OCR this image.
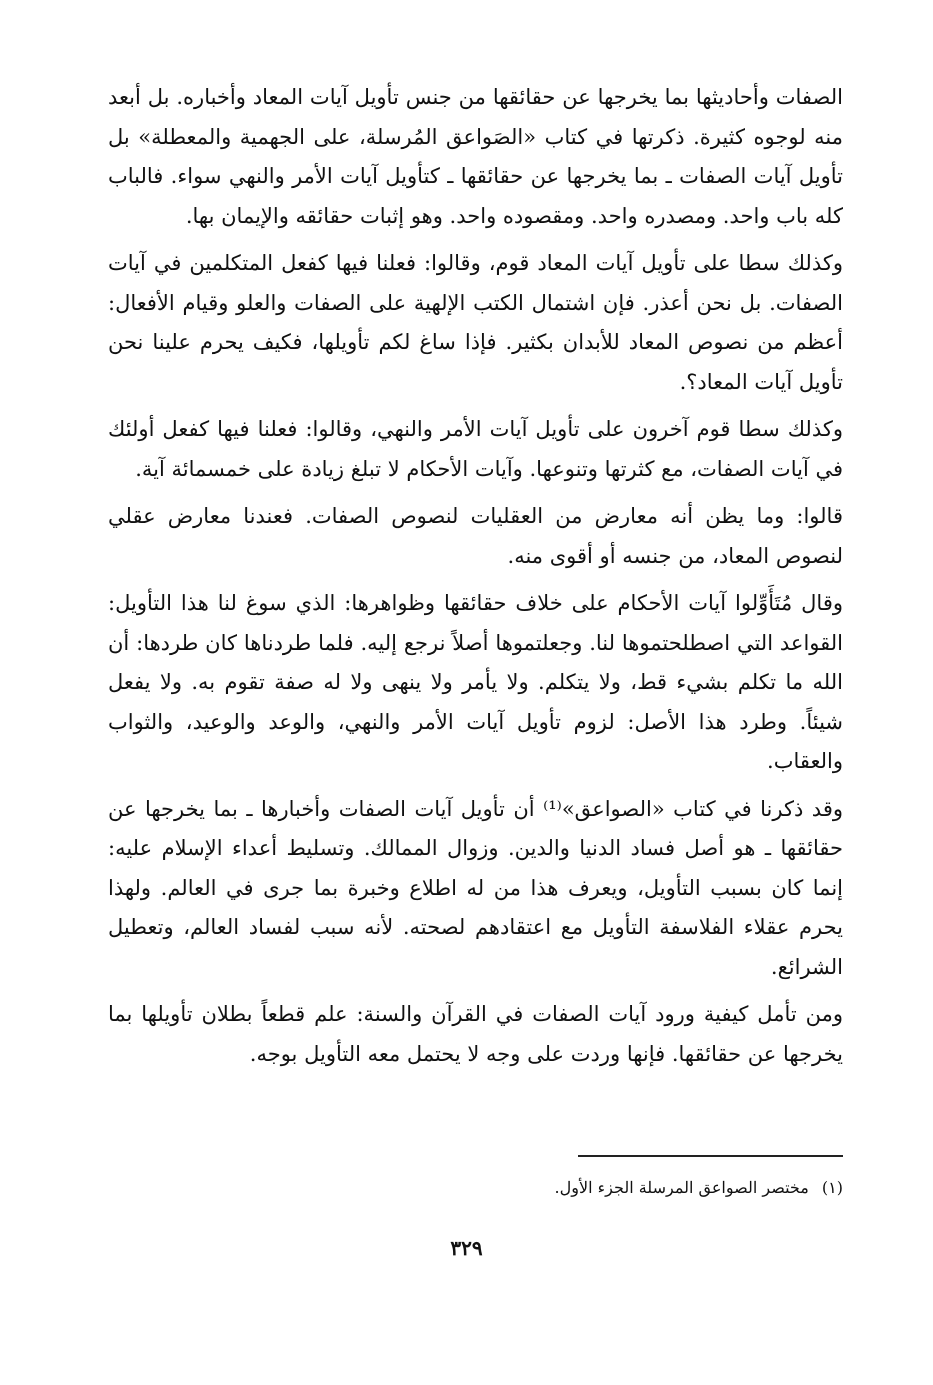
الصفات وأحاديثها بما يخرجها عن حقائقها من جنس تأويل آيات المعاد وأخباره. بل أبعد منه لوجوه كثيرة. ذكرتها في كتاب «الصَواعق المُرسلة، على الجهمية والمعطلة» بل تأويل آيات الصفات ـ بما يخرجها عن حقائقها ـ كتأويل آيات الأمر والنهي سواء. فالباب كله باب واحد. ومصدره واحد. ومقصوده واحد. وهو إثبات حقائقه والإيمان بها.

وكذلك سطا على تأويل آيات المعاد قوم، وقالوا: فعلنا فيها كفعل المتكلمين في آيات الصفات. بل نحن أعذر. فإن اشتمال الكتب الإلهية على الصفات والعلو وقيام الأفعال: أعظم من نصوص المعاد للأبدان بكثير. فإذا ساغ لكم تأويلها، فكيف يحرم علينا نحن تأويل آيات المعاد؟.

وكذلك سطا قوم آخرون على تأويل آيات الأمر والنهي، وقالوا: فعلنا فيها كفعل أولئك في آيات الصفات، مع كثرتها وتنوعها. وآيات الأحكام لا تبلغ زيادة على خمسمائة آية.

قالوا: وما يظن أنه معارض من العقليات لنصوص الصفات. فعندنا معارض عقلي لنصوص المعاد، من جنسه أو أقوى منه.

وقال مُتَأَوِّلوا آيات الأحكام على خلاف حقائقها وظواهرها: الذي سوغ لنا هذا التأويل: القواعد التي اصطلحتموها لنا. وجعلتموها أصلاً نرجع إليه. فلما طردناها كان طردها: أن الله ما تكلم بشيء قط، ولا يتكلم. ولا يأمر ولا ينهى ولا له صفة تقوم به. ولا يفعل شيئاً. وطرد هذا الأصل: لزوم تأويل آيات الأمر والنهي، والوعد والوعيد، والثواب والعقاب.

وقد ذكرنا في كتاب «الصواعق»⁽¹⁾ أن تأويل آيات الصفات وأخبارها ـ بما يخرجها عن حقائقها ـ هو أصل فساد الدنيا والدين. وزوال الممالك. وتسليط أعداء الإسلام عليه: إنما كان بسبب التأويل، ويعرف هذا من له اطلاع وخبرة بما جرى في العالم. ولهذا يحرم عقلاء الفلاسفة التأويل مع اعتقادهم لصحته. لأنه سبب لفساد العالم، وتعطيل الشرائع.

ومن تأمل كيفية ورود آيات الصفات في القرآن والسنة: علم قطعاً بطلان تأويلها بما يخرجها عن حقائقها. فإنها وردت على وجه لا يحتمل معه التأويل بوجه.

(١) مختصر الصواعق المرسلة الجزء الأول.
٣٢٩
